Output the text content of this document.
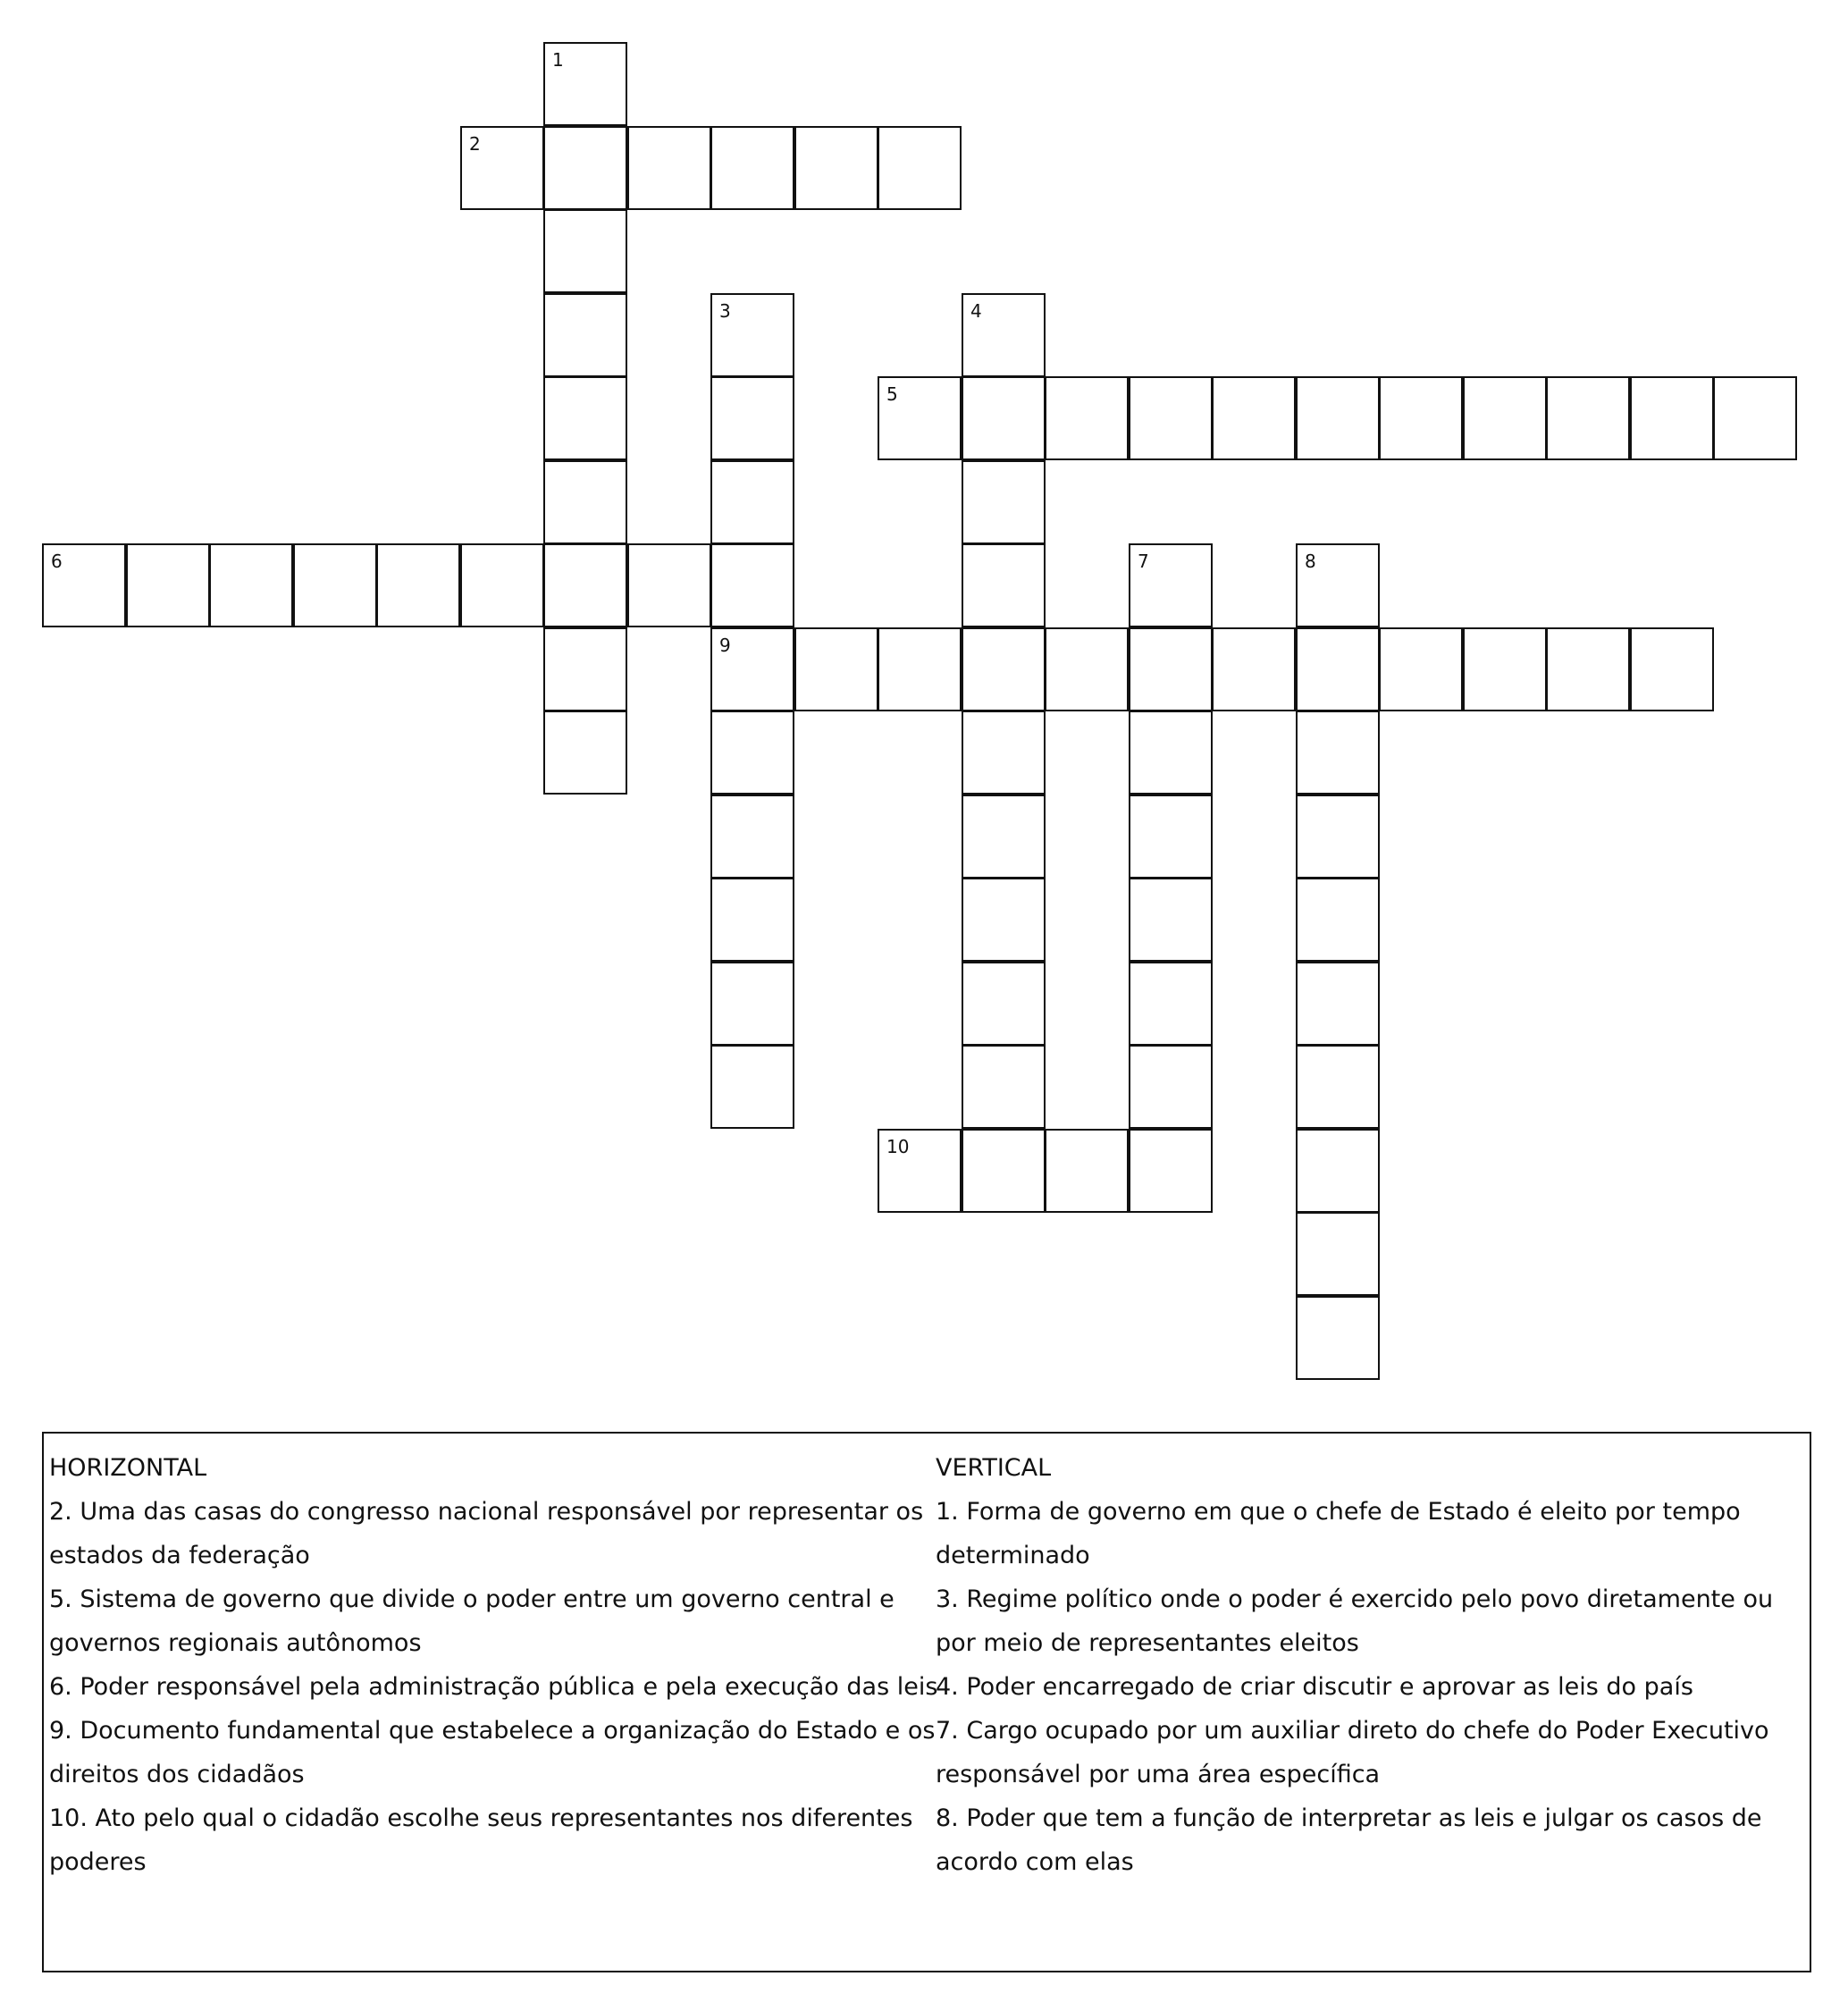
1
2
3	4
5
6	7	8
9
10
HORIZONTAL
2. Uma das casas do congresso nacional responsável por representar os estados da federação
5. Sistema de governo que divide o poder entre um governo central e governos regionais autônomos
6. Poder responsável pela administração pública e pela execução das leis
9. Documento fundamental que estabelece a organização do Estado e os direitos dos cidadãos
10. Ato pelo qual o cidadão escolhe seus representantes nos diferentes poderes
VERTICAL
1. Forma de governo em que o chefe de Estado é eleito por tempo determinado
3. Regime político onde o poder é exercido pelo povo diretamente ou por meio de representantes eleitos
4. Poder encarregado de criar discutir e aprovar as leis do país
7. Cargo ocupado por um auxiliar direto do chefe do Poder Executivo responsável por uma área específica
8. Poder que tem a função de interpretar as leis e julgar os casos de acordo com elas
